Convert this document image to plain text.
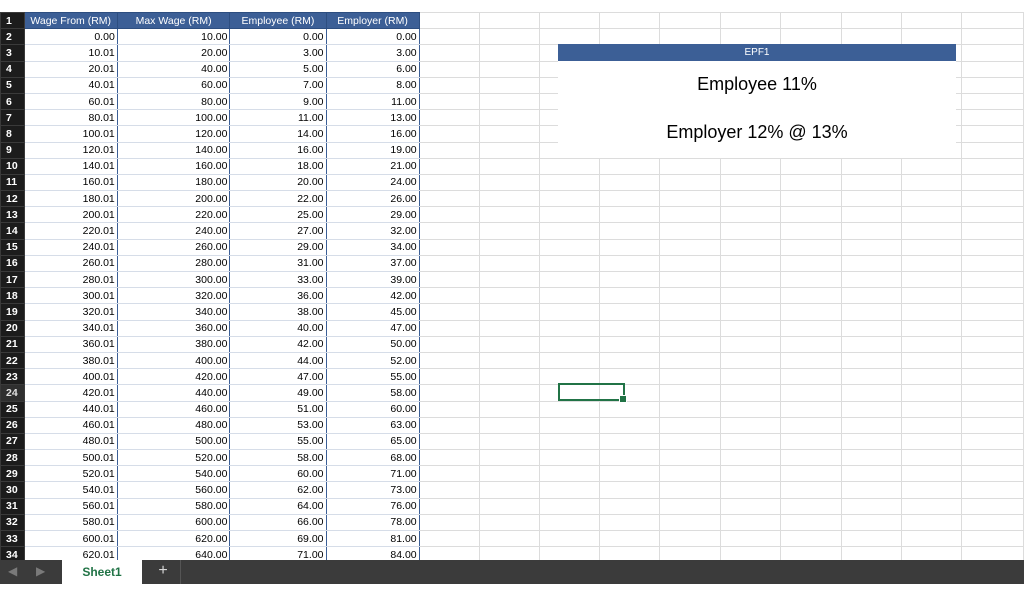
1	Wage From (RM)	Max Wage (RM)	Employee (RM)	Employer (RM)										
2	0.00	10.00	0.00	0.00										
3	10.01	20.00	3.00	3.00										
4	20.01	40.00	5.00	6.00										
5	40.01	60.00	7.00	8.00										
6	60.01	80.00	9.00	11.00										
7	80.01	100.00	11.00	13.00										
8	100.01	120.00	14.00	16.00										
9	120.01	140.00	16.00	19.00										
10	140.01	160.00	18.00	21.00										
11	160.01	180.00	20.00	24.00										
12	180.01	200.00	22.00	26.00										
13	200.01	220.00	25.00	29.00										
14	220.01	240.00	27.00	32.00										
15	240.01	260.00	29.00	34.00										
16	260.01	280.00	31.00	37.00										
17	280.01	300.00	33.00	39.00										
18	300.01	320.00	36.00	42.00										
19	320.01	340.00	38.00	45.00										
20	340.01	360.00	40.00	47.00										
21	360.01	380.00	42.00	50.00										
22	380.01	400.00	44.00	52.00										
23	400.01	420.00	47.00	55.00										
24	420.01	440.00	49.00	58.00										
25	440.01	460.00	51.00	60.00										
26	460.01	480.00	53.00	63.00										
27	480.01	500.00	55.00	65.00										
28	500.01	520.00	58.00	68.00										
29	520.01	540.00	60.00	71.00										
30	540.01	560.00	62.00	73.00										
31	560.01	580.00	64.00	76.00										
32	580.01	600.00	66.00	78.00										
33	600.01	620.00	69.00	81.00										
34	620.01	640.00	71.00	84.00										
EPF1
Employee 11%
Employer 12% @ 13%
◀ ▶	Sheet1	+
